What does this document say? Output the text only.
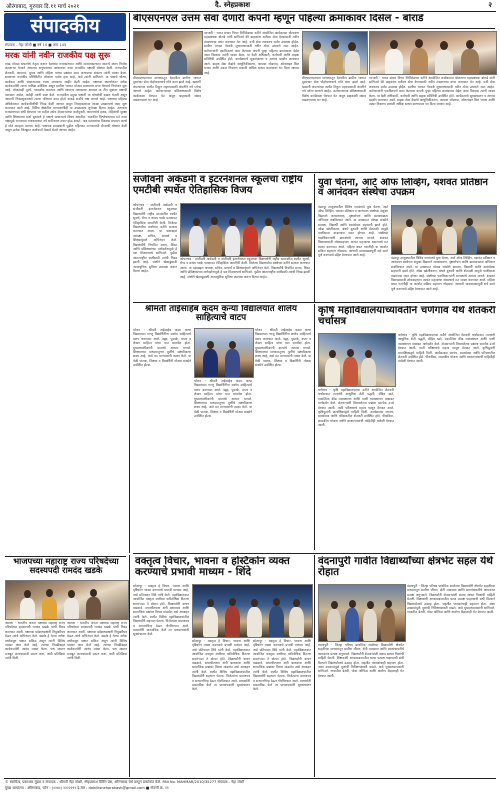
औरंगाबाद, गुरुवार दि.११ मार्च २०२१	दै. स्नेहप्रकाश	२
संपादकीय
संपादक - नेहा जोशी ■ वर्ष 14 ■ अंक 145
मरक यांनी नवीन राजकीय पक्ष सुरू
एवढं मोठ्या संघटनेचे नेतृत्व करून देशाच्या राजकारणात आणि समाजकारणात स्वतःचे स्थान निर्माण करणाऱ्या नेत्याने आपल्या अनुभवाच्या आधारावर नव्या राजकीय पक्षाची घोषणा केली. राज्यातील शेतकरी, कामगार, युवक आणि महिला यांच्या प्रश्नांवर काम करण्याचा संकल्प त्यांनी व्यक्त केला. सध्याच्या राजकीय परिस्थितीत लोकांना पर्याय हवा आहे, असे त्यांनी सांगितले. या पक्षाचे धोरण, कार्यक्रम आणि संघटनात्मक रचना लवकरच जाहीर केली जाईल. पक्षाच्या स्थापनेनंतर अनेक कार्यकर्त्यांनी त्यांना पाठिंबा दर्शविला असून ग्रामीण भागात मोठ्या प्रमाणावर सभा घेण्याचे नियोजन सुरू आहे. लोकशाही मूल्ये, पारदर्शक कारभार आणि सामान्य माणसाचा आवाज या तीन सूत्रांवर पक्षाची वाटचाल असेल, असेही त्यांनी स्पष्ट केले. राज्यातील प्रमुख पक्षांनी या घोषणेची दखल घेतली असून आगामी निवडणुकांमध्ये त्याचा परिणाम काय होतो याकडे सर्वांचे लक्ष लागले आहे. पक्षाच्या पहिल्या अधिवेशनात कार्यकारिणीची निवड केली जाणार असून जिल्हास्तरावर शाखा उघडण्याचे काम सुरू करण्यात आले आहे. विविध क्षेत्रांतील मान्यवरांनीही या उपक्रमाला शुभेच्छा दिल्या आहेत. तरुणांना राजकारणात संधी देण्यावर भर राहील तसेच शेतकऱ्यांच्या कर्जमुक्ती, कामगारांचे हक्क, महिलांची सुरक्षा आणि शिक्षणाचा दर्जा सुधारणे हे पक्षाचे प्राधान्याचे विषय असतील. राजकीय विश्लेषकांच्या मते नव्या पक्षामुळे राज्याच्या राजकारणात नवे समीकरण तयार होऊ शकते. मात्र मतदारांचा विश्वास संपादन करणे हे मोठे आव्हान ठरणार आहे. पक्षाच्या प्रवक्त्यांनी पुढील महिन्यात राज्यव्यापी दौऱ्याची घोषणा केली असून प्रत्येक जिल्ह्यात कार्यकर्ता मेळावे घेतले जाणार आहेत.
बीएसएनएल उत्तम सेवा देणारी कंपनी म्हणून पहिल्या क्रमांकावर दिसेल - बोराडे
परभणी - भारत संचार निगम लिमिटेडच्या वतीने आयोजित कार्यक्रमात बोलताना महाप्रबंधक बोराडे यांनी सांगितले की ग्राहकांना दर्जेदार सेवा देण्यासाठी नवीन तंत्रज्ञानाचा वापर करण्यात येत आहे. ४जी सेवा लवकरच सर्वत्र उपलब्ध होईल. ग्रामीण भागात नेटवर्क सुधारण्यासाठी नवीन टॉवर उभारले जात आहेत. कर्मचाऱ्यांनी एकत्रितपणे काम केल्यास कंपनी पुन्हा पहिल्या क्रमांकावर येईल असा विश्वास त्यांनी व्यक्त केला. या वेळी अधिकारी, कर्मचारी आणि ग्राहक प्रतिनिधी उपस्थित होते. कार्यक्रमाचे सूत्रसंचालन व आभार प्रदर्शन करण्यात आले. ग्राहक सेवा केंद्रांचे आधुनिकीकरण, फायबर जोडण्या, ऑनलाइन बिल भरणा आणि तक्रार निवारण प्रणाली अधिक सक्षम करण्यावर भर दिला जाणार आहे.
बीएसएनएलच्या माध्यमातून देशातील ग्रामीण भागात दूरसंचार सेवा पोहोचवण्याचे मोठे काम झाले आहे. खासगी कंपन्यांच्या स्पर्धेत टिकून राहण्यासाठी कंपनीने नवे प्लॅन्स आणले आहेत. कर्मचाऱ्यांच्या प्रशिक्षणासाठी विशेष कार्यशाळा घेण्यात येत असून ग्राहकांशी संवाद वाढवण्यावर भर आहे.
बीएसएनएलच्या माध्यमातून देशातील ग्रामीण भागात दूरसंचार सेवा पोहोचवण्याचे मोठे काम झाले आहे. खासगी कंपन्यांच्या स्पर्धेत टिकून राहण्यासाठी कंपनीने नवे प्लॅन्स आणले आहेत. कर्मचाऱ्यांच्या प्रशिक्षणासाठी विशेष कार्यशाळा घेण्यात येत असून ग्राहकांशी संवाद वाढवण्यावर भर आहे.
परभणी - भारत संचार निगम लिमिटेडच्या वतीने आयोजित कार्यक्रमात बोलताना महाप्रबंधक बोराडे यांनी सांगितले की ग्राहकांना दर्जेदार सेवा देण्यासाठी नवीन तंत्रज्ञानाचा वापर करण्यात येत आहे. ४जी सेवा लवकरच सर्वत्र उपलब्ध होईल. ग्रामीण भागात नेटवर्क सुधारण्यासाठी नवीन टॉवर उभारले जात आहेत. कर्मचाऱ्यांनी एकत्रितपणे काम केल्यास कंपनी पुन्हा पहिल्या क्रमांकावर येईल असा विश्वास त्यांनी व्यक्त केला. या वेळी अधिकारी, कर्मचारी आणि ग्राहक प्रतिनिधी उपस्थित होते. कार्यक्रमाचे सूत्रसंचालन व आभार प्रदर्शन करण्यात आले. ग्राहक सेवा केंद्रांचे आधुनिकीकरण, फायबर जोडण्या, ऑनलाइन बिल भरणा आणि तक्रार निवारण प्रणाली अधिक सक्षम करण्यावर भर दिला जाणार आहे.
संजीवनी अकॅडमी व इंटरनॅशनल स्कूलचा राष्ट्रीय एमटीबी स्पर्धेत ऐतिहासिक विजय
कोपरगाव - संजीवनी अकॅडमी व संजीवनी इंटरनॅशनल स्कूलच्या विद्यार्थ्यांनी राष्ट्रीय स्तरावरील स्पर्धेत सुवर्ण, रौप्य व कांस्य पदके पटकावत ऐतिहासिक कामगिरी केली. विजेत्या विद्यार्थ्यांचा संस्थेच्या वतीने सत्कार करण्यात आला. या यशाबद्दल अध्यक्ष, सचिव, प्राचार्य व शिक्षकवृंदाने अभिनंदन केले. विद्यार्थ्यांनी नियमित सराव, शिस्त आणि प्रशिक्षकांच्या मार्गदर्शनामुळे हे यश मिळाल्याचे सांगितले. पुढील आंतरराष्ट्रीय स्पर्धेसाठी त्यांची निवड झाली आहे. संस्थेने खेळाडूंसाठी अत्याधुनिक सुविधा उपलब्ध करून दिल्या आहेत.
कोपरगाव - संजीवनी अकॅडमी व संजीवनी इंटरनॅशनल स्कूलच्या विद्यार्थ्यांनी राष्ट्रीय स्तरावरील स्पर्धेत सुवर्ण, रौप्य व कांस्य पदके पटकावत ऐतिहासिक कामगिरी केली. विजेत्या विद्यार्थ्यांचा संस्थेच्या वतीने सत्कार करण्यात आला. या यशाबद्दल अध्यक्ष, सचिव, प्राचार्य व शिक्षकवृंदाने अभिनंदन केले. विद्यार्थ्यांनी नियमित सराव, शिस्त आणि प्रशिक्षकांच्या मार्गदर्शनामुळे हे यश मिळाल्याचे सांगितले. पुढील आंतरराष्ट्रीय स्पर्धेसाठी त्यांची निवड झाली आहे. संस्थेने खेळाडूंसाठी अत्याधुनिक सुविधा उपलब्ध करून दिल्या आहेत.
युवा चेतना, आर्ट ऑफ लिव्हिंग, यशवंत प्रतिष्ठान व आनंदवन संस्थेचा उपक्रम
पंढरपूर तालुक्यातील विविध गावांमध्ये युवा चेतना, आर्ट ऑफ लिव्हिंग, यशवंत प्रतिष्ठान व आनंदवन संस्थेच्या संयुक्त विद्यमाने जलसंधारण, वृक्षारोपण आणि ग्रामस्वच्छता अभियान राबविण्यात आले. या उपक्रमात मोठ्या संख्येने ग्रामस्थ, विद्यार्थी आणि स्वयंसेवक सहभागी झाले होते. ओढा खोलीकरण, बंधारे दुरुस्ती आणि शेततळी यामुळे पाणीसाठा वाढण्यास मदत होणार आहे. संस्थेच्या पदाधिकाऱ्यांनी ग्रामस्थांचे आभार मानले. शाश्वत विकासासाठी लोकसहभाग अत्यंत महत्त्वाचा असल्याचे मत व्यक्त करण्यात आले. महिला बचत गटांनीही या कार्यात सक्रिय सहभाग नोंदवला. आगामी पावसाळ्यापूर्वी सर्व कामे पूर्ण करण्याचे उद्दिष्ट ठेवण्यात आले आहे.
पंढरपूर तालुक्यातील विविध गावांमध्ये युवा चेतना, आर्ट ऑफ लिव्हिंग, यशवंत प्रतिष्ठान व आनंदवन संस्थेच्या संयुक्त विद्यमाने जलसंधारण, वृक्षारोपण आणि ग्रामस्वच्छता अभियान राबविण्यात आले. या उपक्रमात मोठ्या संख्येने ग्रामस्थ, विद्यार्थी आणि स्वयंसेवक सहभागी झाले होते. ओढा खोलीकरण, बंधारे दुरुस्ती आणि शेततळी यामुळे पाणीसाठा वाढण्यास मदत होणार आहे. संस्थेच्या पदाधिकाऱ्यांनी ग्रामस्थांचे आभार मानले. शाश्वत विकासासाठी लोकसहभाग अत्यंत महत्त्वाचा असल्याचे मत व्यक्त करण्यात आले. महिला बचत गटांनीही या कार्यात सक्रिय सहभाग नोंदवला. आगामी पावसाळ्यापूर्वी सर्व कामे पूर्ण करण्याचे उद्दिष्ट ठेवण्यात आले आहे.
श्रीमती ताईसाहेब कदम कन्या विद्यालयात शालेय साहित्याचे वाटप
भोकर - श्रीमती ताईसाहेब कदम कन्या विद्यालयात गरजू विद्यार्थिनींना शालेय साहित्याचे वाटप करण्यात आले. वह्या, पुस्तके, दप्तर व लेखन साहित्य यांचा यात समावेश होता. मुख्याध्यापिकांनी दात्यांचे आभार मानले. शिक्षणाच्या माध्यमातूनच मुलींचे सक्षमीकरण शक्य आहे, असे मत मान्यवरांनी व्यक्त केले. या वेळी पालक, शिक्षक व विद्यार्थिनी मोठ्या संख्येने उपस्थित होत्या.
भोकर - श्रीमती ताईसाहेब कदम कन्या विद्यालयात गरजू विद्यार्थिनींना शालेय साहित्याचे वाटप करण्यात आले. वह्या, पुस्तके, दप्तर व लेखन साहित्य यांचा यात समावेश होता. मुख्याध्यापिकांनी दात्यांचे आभार मानले. शिक्षणाच्या माध्यमातूनच मुलींचे सक्षमीकरण शक्य आहे, असे मत मान्यवरांनी व्यक्त केले. या वेळी पालक, शिक्षक व विद्यार्थिनी मोठ्या संख्येने उपस्थित होत्या.
भोकर - श्रीमती ताईसाहेब कदम कन्या विद्यालयात गरजू विद्यार्थिनींना शालेय साहित्याचे वाटप करण्यात आले. वह्या, पुस्तके, दप्तर व लेखन साहित्य यांचा यात समावेश होता. मुख्याध्यापिकांनी दात्यांचे आभार मानले. शिक्षणाच्या माध्यमातूनच मुलींचे सक्षमीकरण शक्य आहे, असे मत मान्यवरांनी व्यक्त केले. या वेळी पालक, शिक्षक व विद्यार्थिनी मोठ्या संख्येने उपस्थित होत्या.
कृषि महाविद्यालयाच्यावतीने चणेगांव येथे शेतकरी चर्चासत्र
चणेगांव - कृषि महाविद्यालयाच्या वतीने आयोजित शेतकरी चर्चासत्रात तज्ज्ञांनी आधुनिक शेती पद्धती, सेंद्रिय खते, एकात्मिक कीड व्यवस्थापन आणि पाणी व्यवस्थापन याबाबत मार्गदर्शन केले. शेतकऱ्यांनी विचारलेल्या प्रश्नांना समर्पक उत्तरे देण्यात आली. माती परीक्षणाचे महत्त्व पटवून देण्यात आले. कृषिदूतांनी प्रात्यक्षिकांद्वारे माहिती दिली. कार्यक्रमास सरपंच, ग्रामसेवक आणि परिसरातील शेतकरी उपस्थित होते. पीकविमा, शासकीय योजना आणि बाजारभावाची माहितीही यावेळी देण्यात आली.
चणेगांव - कृषि महाविद्यालयाच्या वतीने आयोजित शेतकरी चर्चासत्रात तज्ज्ञांनी आधुनिक शेती पद्धती, सेंद्रिय खते, एकात्मिक कीड व्यवस्थापन आणि पाणी व्यवस्थापन याबाबत मार्गदर्शन केले. शेतकऱ्यांनी विचारलेल्या प्रश्नांना समर्पक उत्तरे देण्यात आली. माती परीक्षणाचे महत्त्व पटवून देण्यात आले. कृषिदूतांनी प्रात्यक्षिकांद्वारे माहिती दिली. कार्यक्रमास सरपंच, ग्रामसेवक आणि परिसरातील शेतकरी उपस्थित होते. पीकविमा, शासकीय योजना आणि बाजारभावाची माहितीही यावेळी देण्यात आली.
भाजपच्या महाराष्ट्र राज्य परिषदेच्या सदस्यपदी रामदंद खडके
जालना - भारतीय जनता पक्षाच्या महाराष्ट्र राज्य परिषदेच्या सदस्यपदी रामदंद खडके यांची निवड करण्यात आली. पक्षाच्या प्रदेशाध्यक्षांनी नियुक्तीपत्र देऊन त्यांचे अभिनंदन केले. खडके हे गेल्या अनेक वर्षांपासून पक्षात सक्रिय असून त्यांनी विविध पदांवर काम केले आहे. त्यांच्या निवडीबद्दल कार्यकर्त्यांनी आनंद व्यक्त केला. पक्ष संघटन मजबूत करण्यासाठी प्रयत्न करू, अशी प्रतिक्रिया त्यांनी दिली.
जालना - भारतीय जनता पक्षाच्या महाराष्ट्र राज्य परिषदेच्या सदस्यपदी रामदंद खडके यांची निवड करण्यात आली. पक्षाच्या प्रदेशाध्यक्षांनी नियुक्तीपत्र देऊन त्यांचे अभिनंदन केले. खडके हे गेल्या अनेक वर्षांपासून पक्षात सक्रिय असून त्यांनी विविध पदांवर काम केले आहे. त्यांच्या निवडीबद्दल कार्यकर्त्यांनी आनंद व्यक्त केला. पक्ष संघटन मजबूत करण्यासाठी प्रयत्न करू, अशी प्रतिक्रिया त्यांनी दिली.
वक्तृत्व विचार, भावना व हस्टिकोन व्यक्त करण्याचे प्रभावी माध्यम - शिंदे
सोलापूर - वक्तृत्व हे विचार, भावना आणि दृष्टिकोन व्यक्त करण्याचे प्रभावी माध्यम आहे, असे प्रतिपादन शिंदे यांनी केले. महाविद्यालयात आयोजित वक्तृत्व स्पर्धेच्या पारितोषिक वितरण समारंभात ते बोलत होते. विद्यार्थ्यांनी वाचन वाढवावे, सभाधीटपणा अंगी बाणवावा आणि सामाजिक प्रश्नांवर विचार मांडावेत असे आवाहन त्यांनी केले. स्पर्धेत विविध महाविद्यालयांतील विद्यार्थ्यांनी सहभाग घेतला. विजेत्यांना प्रमाणपत्र व सन्मानचिन्ह देऊन गौरविण्यात आले. प्राचार्यांनी प्रास्ताविक केले तर प्राध्यापकांनी सूत्रसंचालन केले.
सोलापूर - वक्तृत्व हे विचार, भावना आणि दृष्टिकोन व्यक्त करण्याचे प्रभावी माध्यम आहे, असे प्रतिपादन शिंदे यांनी केले. महाविद्यालयात आयोजित वक्तृत्व स्पर्धेच्या पारितोषिक वितरण समारंभात ते बोलत होते. विद्यार्थ्यांनी वाचन वाढवावे, सभाधीटपणा अंगी बाणवावा आणि सामाजिक प्रश्नांवर विचार मांडावेत असे आवाहन त्यांनी केले. स्पर्धेत विविध महाविद्यालयांतील विद्यार्थ्यांनी सहभाग घेतला. विजेत्यांना प्रमाणपत्र व सन्मानचिन्ह देऊन गौरविण्यात आले. प्राचार्यांनी प्रास्ताविक केले तर प्राध्यापकांनी सूत्रसंचालन केले.
सोलापूर - वक्तृत्व हे विचार, भावना आणि दृष्टिकोन व्यक्त करण्याचे प्रभावी माध्यम आहे, असे प्रतिपादन शिंदे यांनी केले. महाविद्यालयात आयोजित वक्तृत्व स्पर्धेच्या पारितोषिक वितरण समारंभात ते बोलत होते. विद्यार्थ्यांनी वाचन वाढवावे, सभाधीटपणा अंगी बाणवावा आणि सामाजिक प्रश्नांवर विचार मांडावेत असे आवाहन त्यांनी केले. स्पर्धेत विविध महाविद्यालयांतील विद्यार्थ्यांनी सहभाग घेतला. विजेत्यांना प्रमाणपत्र व सन्मानचिन्ह देऊन गौरविण्यात आले. प्राचार्यांनी प्रास्ताविक केले तर प्राध्यापकांनी सूत्रसंचालन केले.
वंदनापुरी गावीत विद्यार्थ्यांच्या क्षेत्रभेट सहल येथे रोहात
वंदनापुरी - जिल्हा परिषद प्राथमिक शाळेच्या विद्यार्थ्यांनी क्षेत्रभेट सहलीच्या माध्यमातून ग्रामीण जीवन, शेती व्यवसाय आणि ग्रामपंचायतीचे कामकाज प्रत्यक्ष अनुभवले. विद्यार्थ्यांनी शेतकऱ्यांशी संवाद साधत पिकांची माहिती घेतली. शिक्षकांनी अभ्यासक्रमातील घटक प्रत्यक्ष पाहण्याची संधी दिल्याने विद्यार्थ्यांमध्ये उत्साह होता. सहलीत पालकांचाही सहभाग होता. अशा उपक्रमांमुळे मुलांची निरीक्षणशक्ती वाढते, असे मुख्याध्यापकांनी सांगितले. गावातील डेअरी, पोस्ट ऑफिस आणि आरोग्य केंद्रालाही भेट देण्यात आली.
वंदनापुरी - जिल्हा परिषद प्राथमिक शाळेच्या विद्यार्थ्यांनी क्षेत्रभेट सहलीच्या माध्यमातून ग्रामीण जीवन, शेती व्यवसाय आणि ग्रामपंचायतीचे कामकाज प्रत्यक्ष अनुभवले. विद्यार्थ्यांनी शेतकऱ्यांशी संवाद साधत पिकांची माहिती घेतली. शिक्षकांनी अभ्यासक्रमातील घटक प्रत्यक्ष पाहण्याची संधी दिल्याने विद्यार्थ्यांमध्ये उत्साह होता. सहलीत पालकांचाही सहभाग होता. अशा उपक्रमांमुळे मुलांची निरीक्षणशक्ती वाढते, असे मुख्याध्यापकांनी सांगितले. गावातील डेअरी, पोस्ट ऑफिस आणि आरोग्य केंद्रालाही भेट देण्यात आली.
© स्वामित्व, प्रकाशक मुद्रक व संपादक - श्रीमती नेहा जोशी, स्नेहप्रकाश प्रिंटिंग प्रेस, औरंगाबाद येथे छापून प्रकाशित केले. RNI No. MAHMAR/2010/35277 संपादक - नेहा जोशी
मुख्य कार्यालय - औरंगाबाद, फोन : (०२४०) २२२२२२२ ई-मेल : dainiksnehprakash@gmail.com ■ नोंदणी क्र. ११
